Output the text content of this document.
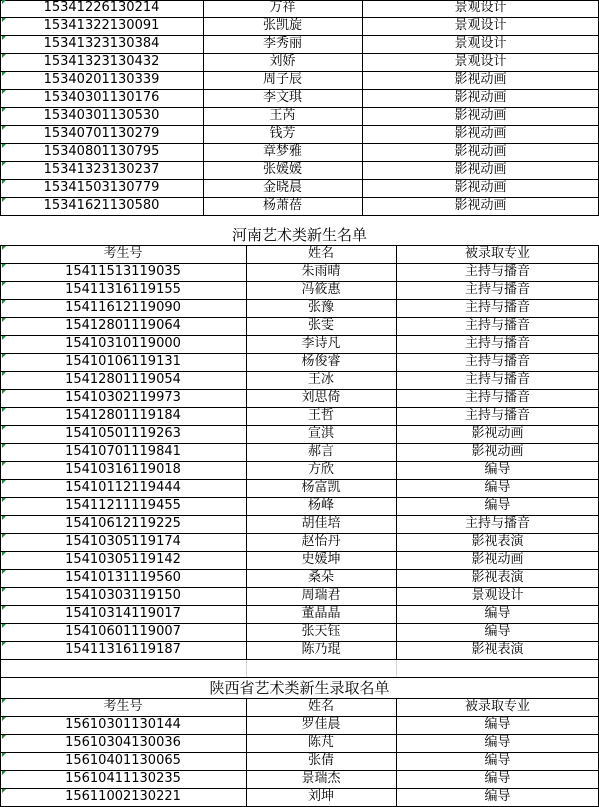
15341226130214	万祥	景观设计
15341322130091	张凯旋	景观设计
15341323130384	李秀丽	景观设计
15341323130432	刘娇	景观设计
15340201130339	周子辰	影视动画
15340301130176	李文琪	影视动画
15340301130530	王芮	影视动画
15340701130279	钱芳	影视动画
15340801130795	章梦雅	影视动画
15341323130237	张媛媛	影视动画
15341503130779	金晓晨	影视动画
15341621130580	杨萧蓓	影视动画
河南艺术类新生名单
考生号	姓名	被录取专业
15411513119035	朱雨晴	主持与播音
15411316119155	冯筱惠	主持与播音
15411612119090	张豫	主持与播音
15412801119064	张雯	主持与播音
15410310119000	李诗凡	主持与播音
15410106119131	杨俊睿	主持与播音
15412801119054	王冰	主持与播音
15410302119973	刘思倚	主持与播音
15412801119184	王哲	主持与播音
15410501119263	宣淇	影视动画
15410701119841	郝言	影视动画
15410316119018	方欣	编导
15410112119444	杨富凯	编导
15411211119455	杨峰	编导
15410612119225	胡佳培	主持与播音
15410305119174	赵怡丹	影视表演
15410305119142	史媛坤	影视动画
15410131119560	桑朵	影视表演
15410303119150	周瑞君	景观设计
15410314119017	董晶晶	编导
15410601119007	张天钰	编导
15411316119187	陈乃琨	影视表演
陕西省艺术类新生录取名单
考生号	姓名	被录取专业
15610301130144	罗佳晨	编导
15610304130036	陈芃	编导
15610401130065	张倩	编导
15610411130235	景瑞杰	编导
15611002130221	刘坤	编导
